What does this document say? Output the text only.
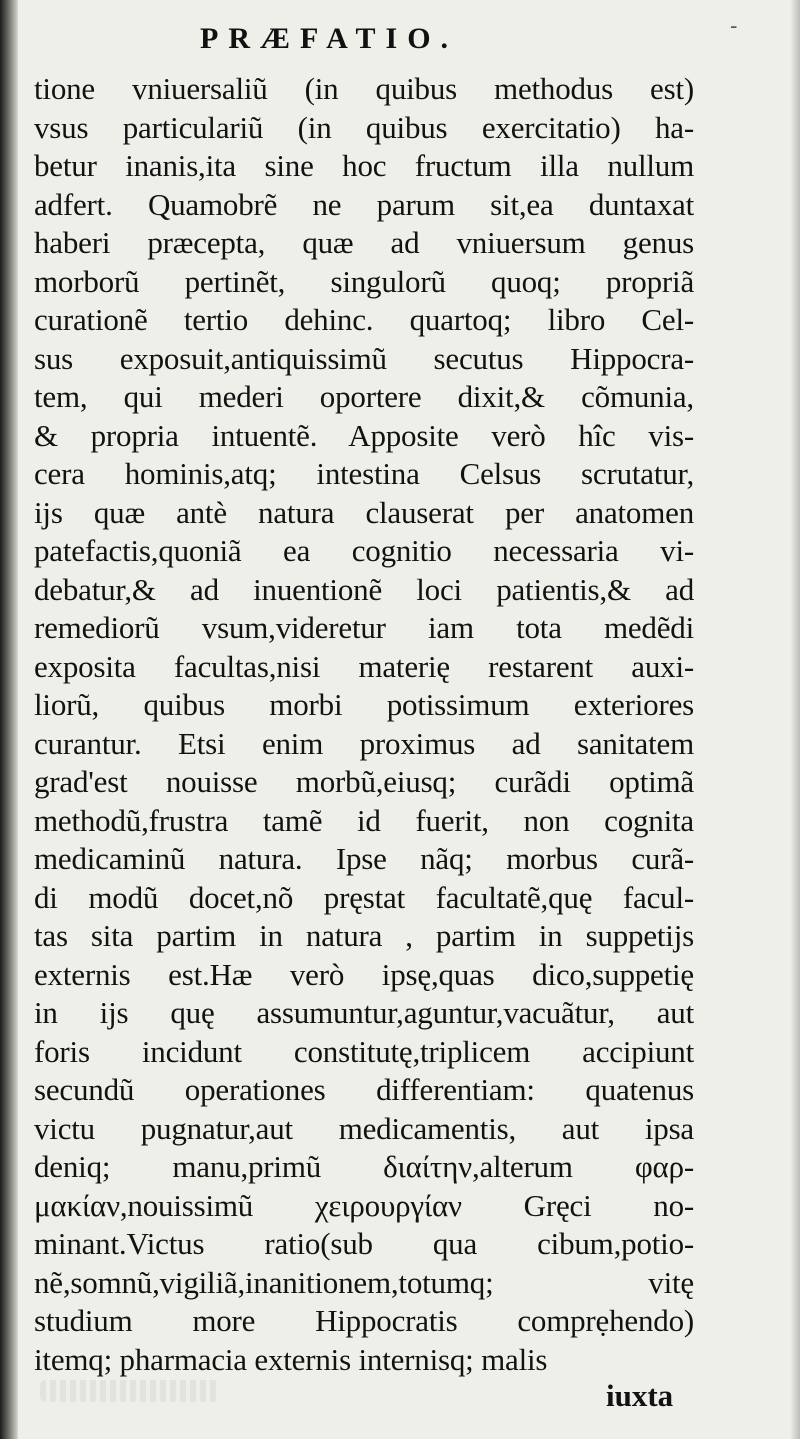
PRÆFATIO.	-
tione vniuersaliũ (in quibus methodus est)
vsus particulariũ (in quibus exercitatio) ha-
betur inanis,ita sine hoc fructum illa nullum
adfert. Quamobrẽ ne parum sit,ea duntaxat
haberi præcepta, quæ ad vniuersum genus
morborũ pertinẽt, singulorũ quoq; propriã
curationẽ tertio dehinc. quartoq; libro Cel-
sus exposuit,antiquissimũ secutus Hippocra-
tem, qui mederi oportere dixit,& cõmunia,
& propria intuentẽ. Apposite verò hîc vis-
cera hominis,atq; intestina Celsus scrutatur,
ijs quæ antè natura clauserat per anatomen
patefactis,quoniã ea cognitio necessaria vi-
debatur,& ad inuentionẽ loci patientis,& ad
remediorũ vsum,videretur iam tota medẽdi
exposita facultas,nisi materię restarent auxi-
liorũ, quibus morbi potissimum exteriores
curantur. Etsi enim proximus ad sanitatem
grad'est nouisse morbũ,eiusq; curãdi optimã
methodũ,frustra tamẽ id fuerit, non cognita
medicaminũ natura. Ipse nãq; morbus curã-
di modũ docet,nõ pręstat facultatẽ,quę facul-
tas sita partim in natura , partim in suppetijs
externis est.Hæ verò ipsę,quas dico,suppetię
in ijs quę assumuntur,aguntur,vacuãtur, aut
foris incidunt constitutę,triplicem accipiunt
secundũ operationes differentiam: quatenus
victu pugnatur,aut medicamentis, aut ipsa
deniq; manu,primũ διαίτην,alterum φαρ-
μακίαν,nouissimũ χειρουργίαν Gręci no-
minant.Victus ratio(sub qua cibum,potio-
nẽ,somnũ,vigiliã,inanitionem,totumq; vitę
studium more Hippocratis comprẹhendo)
itemq; pharmacia externis internisq; malis
iuxta
